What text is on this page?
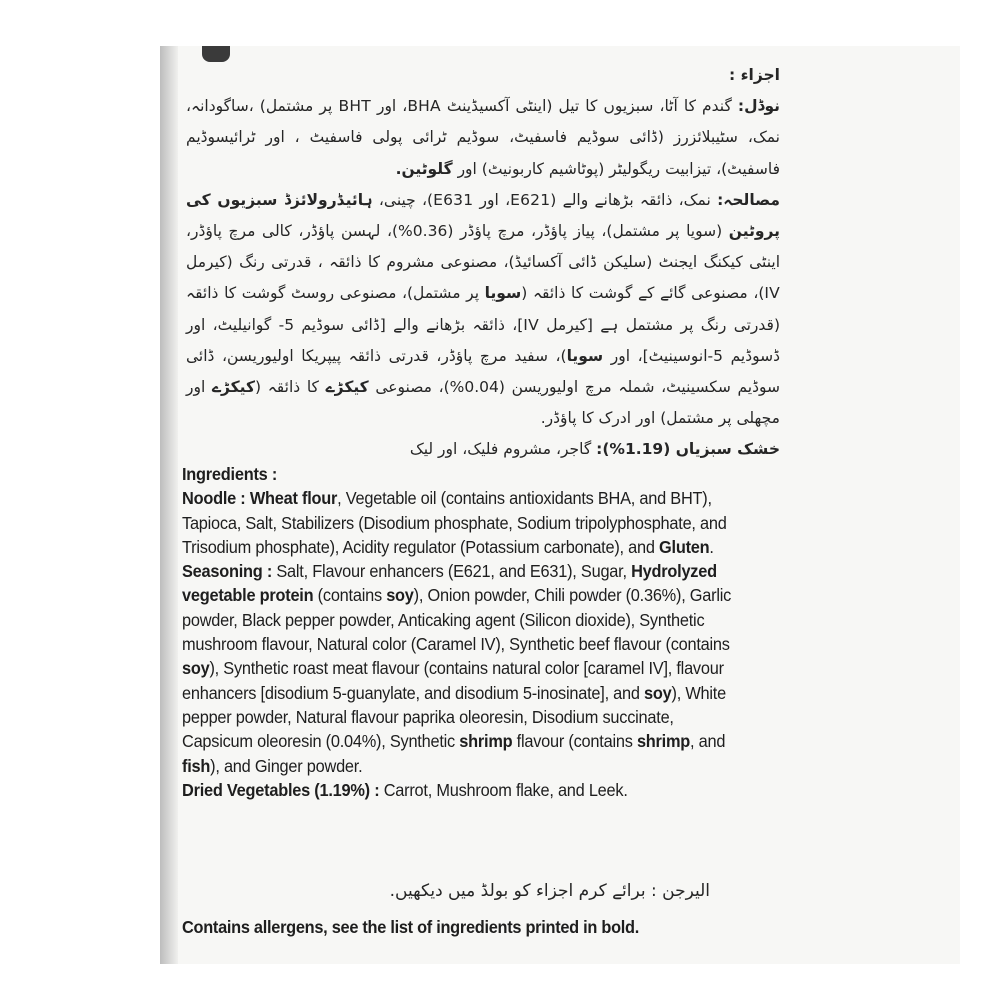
اجزاء :
نوڈل: گندم کا آٹا، سبزیوں کا تیل (اینٹی آکسیڈینٹ BHA، اور BHT پر مشتمل) ،ساگودانہ، نمک، سٹیبلائزرز (ڈائی سوڈیم فاسفیٹ، سوڈیم ٹرائی پولی فاسفیٹ ، اور ٹرائیسوڈیم فاسفیٹ)، تیزابیت ریگولیٹر (پوٹاشیم کاربونیٹ) اور گلوٹین.
مصالحہ: نمک، ذائقہ بڑھانے والے (E621، اور E631)، چینی، ہائیڈرولائزڈ سبزیوں کی پروٹین (سویا پر مشتمل)، پیاز پاؤڈر، مرچ پاؤڈر (0.36%)، لہسن پاؤڈر، کالی مرچ پاؤڈر، اینٹی کیکنگ ایجنٹ (سلیکن ڈائی آکسائیڈ)، مصنوعی مشروم کا ذائقہ ، قدرتی رنگ (کیرمل IV)، مصنوعی گائے کے گوشت کا ذائقہ (سویا پر مشتمل)، مصنوعی روسٹ گوشت کا ذائقہ (قدرتی رنگ پر مشتمل ہے [کیرمل IV]، ذائقہ بڑھانے والے [ڈائی سوڈیم 5- گوانیلیٹ، اور ڈسوڈیم 5-انوسینیٹ]، اور سویا)، سفید مرچ پاؤڈر، قدرتی ذائقہ پیپریکا اولیوریسن، ڈائی سوڈیم سکسینیٹ، شملہ مرچ اولیوریسن (0.04%)، مصنوعی کیکڑے کا ذائقہ (کیکڑے اور مچھلی پر مشتمل) اور ادرک کا پاؤڈر.
خشک سبزیاں (1.19%): گاجر، مشروم فلیک، اور لیک
Ingredients :
Noodle : Wheat flour, Vegetable oil (contains antioxidants BHA, and BHT), Tapioca, Salt, Stabilizers (Disodium phosphate, Sodium tripolyphosphate, and Trisodium phosphate), Acidity regulator (Potassium carbonate), and Gluten.
Seasoning : Salt, Flavour enhancers (E621, and E631), Sugar, Hydrolyzed vegetable protein (contains soy), Onion powder, Chili powder (0.36%), Garlic powder, Black pepper powder, Anticaking agent (Silicon dioxide), Synthetic mushroom flavour, Natural color (Caramel IV), Synthetic beef flavour (contains soy), Synthetic roast meat flavour (contains natural color [caramel IV], flavour enhancers [disodium 5-guanylate, and disodium 5-inosinate], and soy), White pepper powder, Natural flavour paprika oleoresin, Disodium succinate, Capsicum oleoresin (0.04%), Synthetic shrimp flavour (contains shrimp, and fish), and Ginger powder.
Dried Vegetables (1.19%) : Carrot, Mushroom flake, and Leek.
الیرجن : برائے کرم اجزاء کو بولڈ میں دیکھیں.
Contains allergens, see the list of ingredients printed in bold.
